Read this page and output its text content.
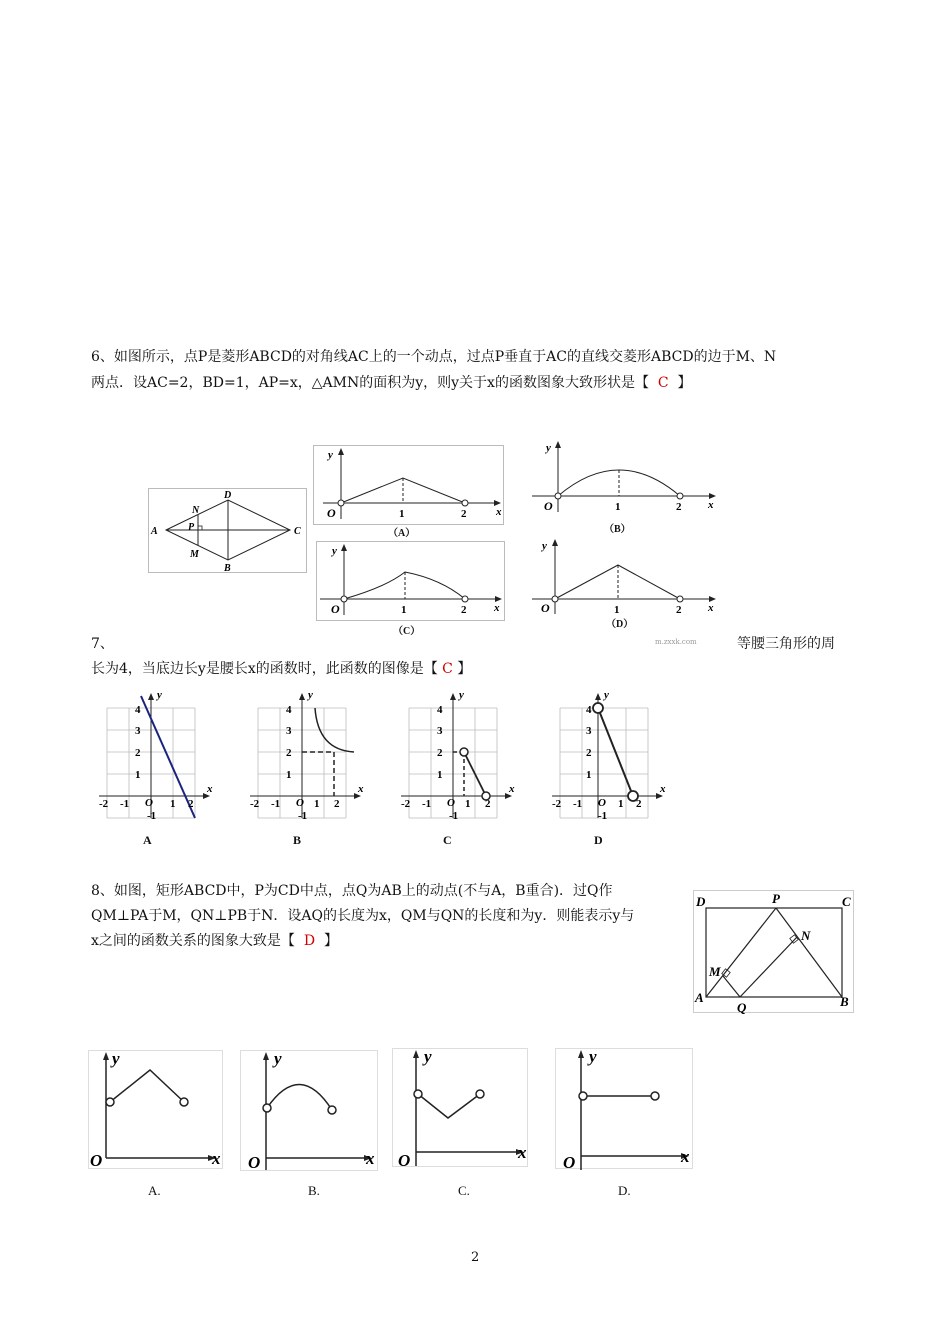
6、如图所示，点P是菱形ABCD的对角线AC上的一个动点，过点P垂直于AC的直线交菱形ABCD的边于M、N
两点．设AC=2，BD=1，AP=x，△AMN的面积为y，则y关于x的函数图象大致形状是【 C 】
A
D
C
B
N
P
M
y
x
O	1	2
（A）
y
x
O	1	2
（B）
y
x
O	1	2
（C）
y
x
O	1	2
（D）
7、	m.zxxk.com	等腰三角形的周
长为4，当底边长y是腰长x的函数时，此函数的图像是【 C 】
y
x
-2 -1 O 1 2
1
2
3
4
-1
A
y
x
-2 -1 O 1 2
1
2
3
4
-1
B
y
x
-2 -1 O 1 2
1
2
3
4
-1
C
y
x
-2 -1 O 1 2
1
2
3
4
-1
D
8、如图，矩形ABCD中，P为CD中点，点Q为AB上的动点(不与A，B重合)．过Q作
QM⊥PA于M，QN⊥PB于N．设AQ的长度为x，QM与QN的长度和为y．则能表示y与
x之间的函数关系的图象大致是【 D 】
D	P	C
A
Q	B
M
N
y
x
O
A.
y
x
O
B.
y
x
O
C.
y
x
O
D.
2
